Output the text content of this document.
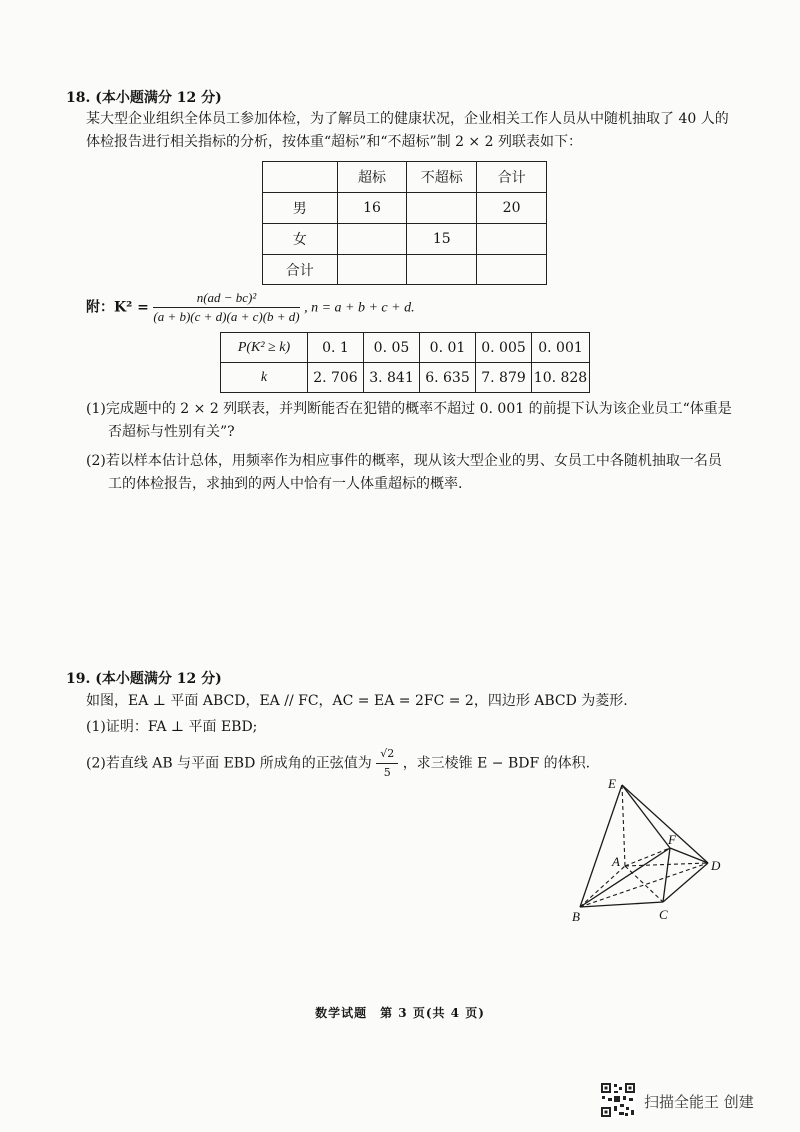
18. (本小题满分 12 分)
某大型企业组织全体员工参加体检，为了解员工的健康状况，企业相关工作人员从中随机抽取了 40 人的
体检报告进行相关指标的分析，按体重“超标”和“不超标”制 2 × 2 列联表如下：
	超标	不超标	合计
男	16		20
女		15	
合计			
附：$K^2 = \frac{\text{n(ad − bc)²}}{(a + b)(c + d)(a + c)(b + d)}$ , n = a + b + c + d.
P(K² ≥ k)	0. 1	0. 05	0. 01	0. 005	0. 001
k	2. 706	3. 841	6. 635	7. 879	10. 828
(1)完成题中的 2 × 2 列联表，并判断能否在犯错的概率不超过 0. 001 的前提下认为该企业员工“体重是
否超标与性别有关”?
(2)若以样本估计总体，用频率作为相应事件的概率，现从该大型企业的男、女员工中各随机抽取一名员
工的体检报告，求抽到的两人中恰有一人体重超标的概率.
19. (本小题满分 12 分)
如图，EA ⊥ 平面 ABCD，EA // FC，AC = EA = 2FC = 2，四边形 ABCD 为菱形.
(1)证明：FA ⊥ 平面 EBD;
(2)若直线 AB 与平面 EBD 所成角的正弦值为 $\frac{√2}{5}$ ，求三棱锥 E − BDF 的体积.
E
A
F
D
B	C
数学试题　第 3 页(共 4 页)
扫描全能王 创建
